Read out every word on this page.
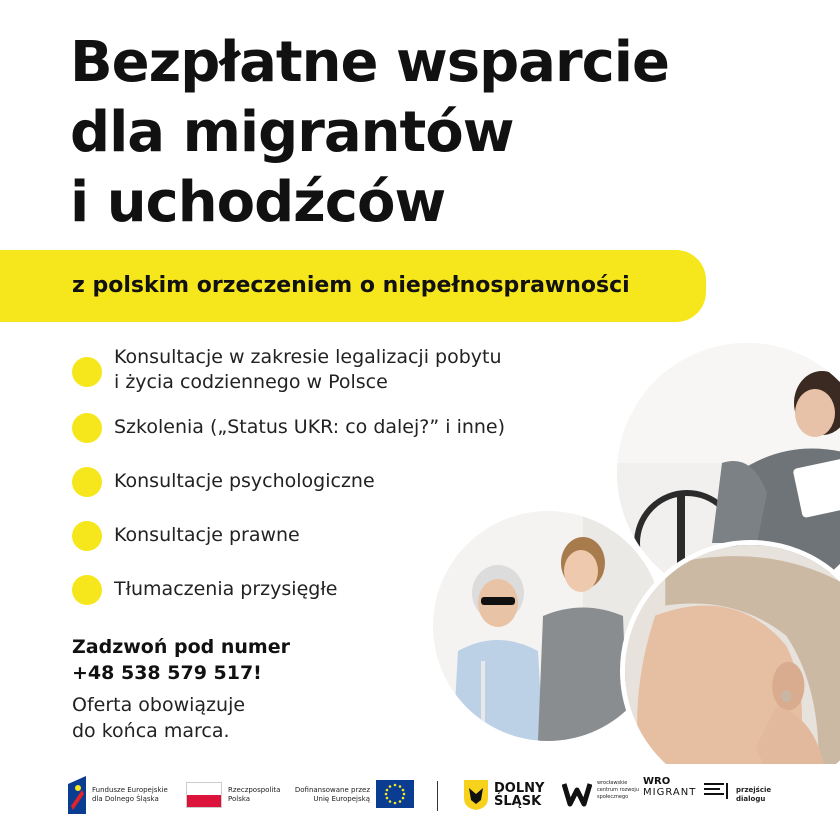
Bezpłatne wsparcie
dla migrantów
i uchodźców
z polskim orzeczeniem o niepełnosprawności
Konsultacje w zakresie legalizacji pobytu
i życia codziennego w Polsce
Szkolenia („Status UKR: co dalej?” i inne)
Konsultacje psychologiczne
Konsultacje prawne
Tłumaczenia przysięgłe
Zadzwoń pod numer
+48 538 579 517!
Oferta obowiązuje
do końca marca.
Fundusze Europejskie
dla Dolnego Śląska
Rzeczpospolita
Polska
Dofinansowane przez
Unię Europejską
DOLNY
ŚLĄSK
wrocławskie
centrum rozwoju
społecznego
WRO
MIGRANT	przejście
dialogu
